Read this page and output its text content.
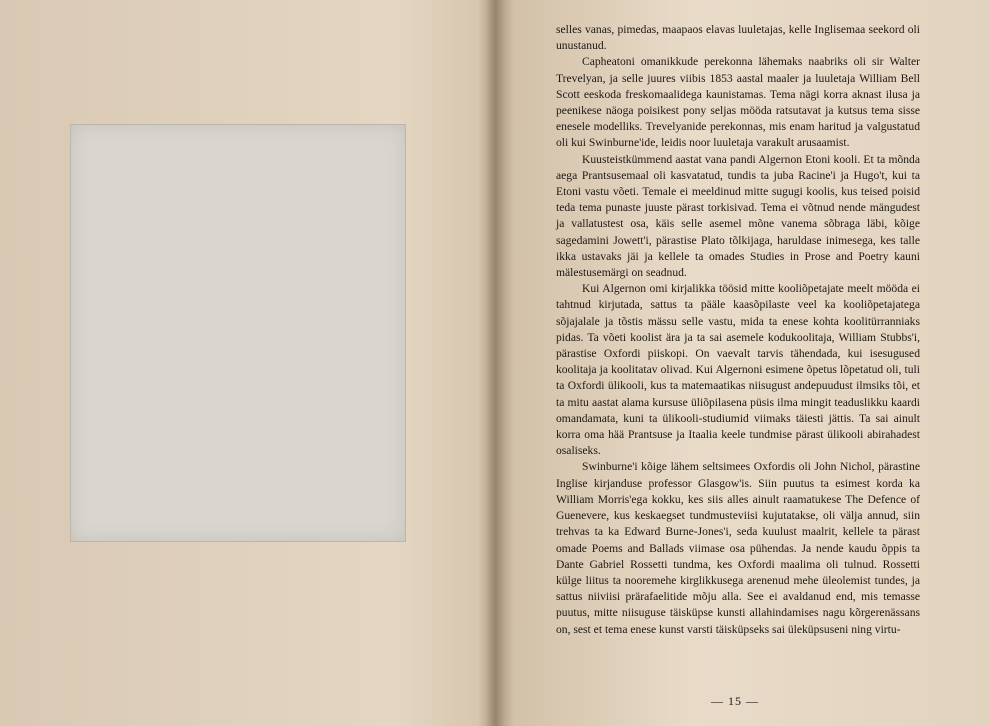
selles vanas, pimedas, maapaos elavas luuletajas, kelle Inglisemaa seekord oli unustanud.

Capheatoni omanikkude perekonna lähemaks naabriks oli sir Walter Trevelyan, ja selle juures viibis 1853 aastal maaler ja luuletaja William Bell Scott eeskoda freskomaalidega kaunistamas. Tema nägi korra aknast ilusa ja peenikese näoga poisikest pony seljas mööda ratsutavat ja kutsus tema sisse enesele modelliks. Trevelyanide perekonnas, mis enam haritud ja valgustatud oli kui Swinburne'ide, leidis noor luuletaja varakult arusaamist.

Kuusteistkümmend aastat vana pandi Algernon Etoni kooli. Et ta mõnda aega Prantsusemaal oli kasvatatud, tundis ta juba Racine'i ja Hugo't, kui ta Etoni vastu võeti. Temale ei meeldinud mitte sugugi koolis, kus teised poisid teda tema punaste juuste pärast torkisivad. Tema ei võtnud nende mängudest ja vallatustest osa, käis selle asemel mõne vanema sõbraga läbi, kõige sagedamini Jowett'i, pärastise Plato tõlkijaga, haruldase inimesega, kes talle ikka ustavaks jäi ja kellele ta omades Studies in Prose and Poetry kauni mälestusemärgi on seadnud.

Kui Algernon omi kirjalikka töösid mitte kooliõpetajate meelt mööda ei tahtnud kirjutada, sattus ta pääle kaasõpilaste veel ka kooliõpetajatega sõjajalale ja tõstis mässu selle vastu, mida ta enese kohta koolitürranniaks pidas. Ta võeti koolist ära ja ta sai asemele kodukoolitaja, William Stubbs'i, pärastise Oxfordi piiskopi. On vaevalt tarvis tähendada, kui isesugused koolitaja ja koolitatav olivad. Kui Algernoni esimene õpetus lõpetatud oli, tuli ta Oxfordi ülikooli, kus ta matemaatikas niisugust andepuudust ilmsiks tõi, et ta mitu aastat alama kursuse üliõpilasena püsis ilma mingit teaduslikku kaardi omandamata, kuni ta ülikooli-studiumid viimaks täiesti jättis. Ta sai ainult korra oma hää Prantsuse ja Itaalia keele tundmise pärast ülikooli abirahadest osaliseks.

Swinburne'i kõige lähem seltsimees Oxfordis oli John Nichol, pärastine Inglise kirjanduse professor Glasgow'is. Siin puutus ta esimest korda ka William Morris'ega kokku, kes siis alles ainult raamatukese The Defence of Guenevere, kus keskaegset tundmusteviisi kujutatakse, oli välja annud, siin trehvas ta ka Edward Burne-Jones'i, seda kuulust maalrit, kellele ta pärast omade Poems and Ballads viimase osa pühendas. Ja nende kaudu õppis ta Dante Gabriel Rossetti tundma, kes Oxfordi maalima oli tulnud. Rossetti külge liitus ta nooremehe kirglikkusega arenenud mehe üleolemist tundes, ja sattus niiviisi prärafaelitide mõju alla. See ei avaldanud end, mis temasse puutus, mitte niisuguse täisküpse kunsti allahindamises nagu kõrgerenässans on, sest et tema enese kunst varsti täisküpseks sai üleküpsuseni ning virtu-

— 15 —
